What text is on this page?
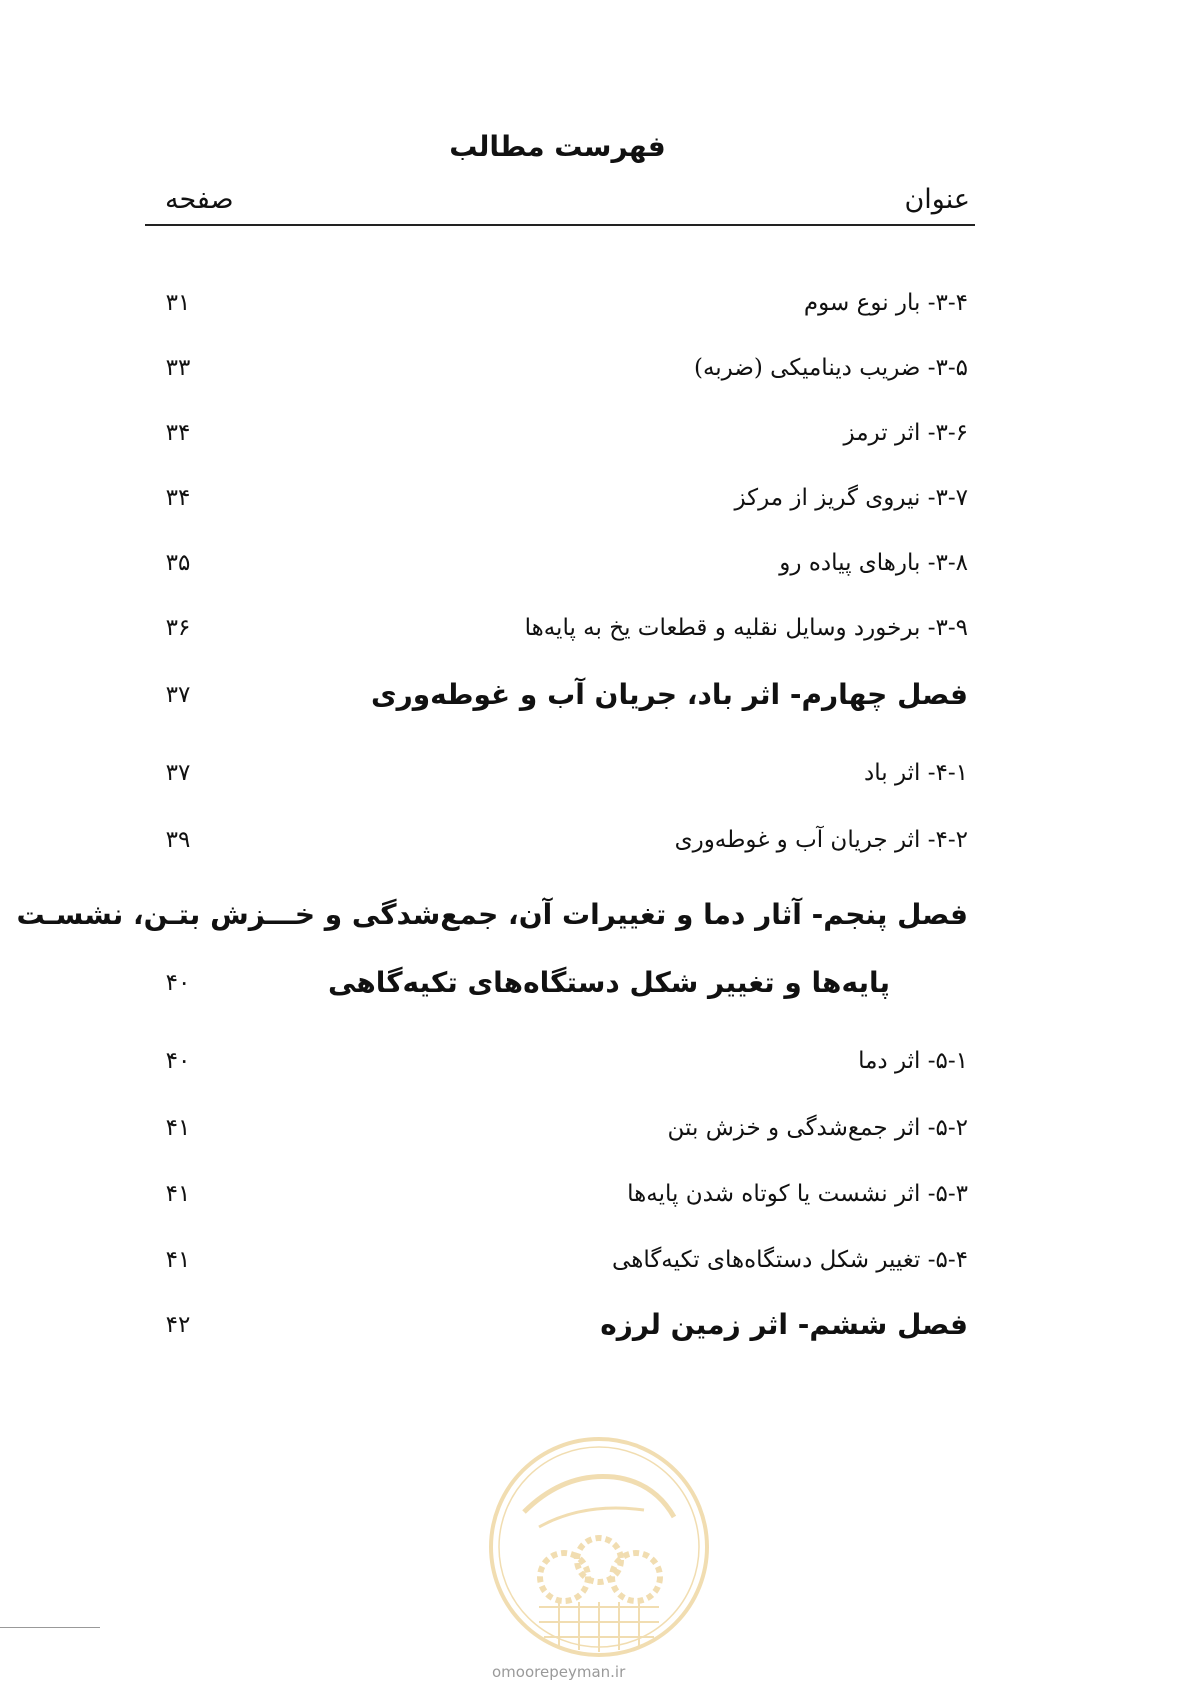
فهرست مطالب
عنوان
صفحه
۳-۴- بار نوع سوم
۳۱
۳-۵- ضریب دینامیکی (ضربه)
۳۳
۳-۶- اثر ترمز
۳۴
۳-۷- نیروی گریز از مرکز
۳۴
۳-۸- بارهای پیاده رو
۳۵
۳-۹- برخورد وسایل نقلیه و قطعات یخ به پایه‌ها
۳۶
فصل چهارم- اثر باد، جریان آب و غوطه‌وری
۳۷
۴-۱- اثر باد
۳۷
۴-۲- اثر جریان آب و غوطه‌وری
۳۹
فصل پنجم- آثار دما و تغییرات آن، جمع‌شدگی و خـــزش بتـن، نشسـت
پایه‌ها و تغییر شکل دستگاه‌های تکیه‌گاهی
۴۰
۵-۱- اثر دما
۴۰
۵-۲- اثر جمع‌شدگی و خزش بتن
۴۱
۵-۳- اثر نشست یا کوتاه شدن پایه‌ها
۴۱
۵-۴- تغییر شکل دستگاه‌های تکیه‌گاهی
۴۱
فصل ششم- اثر زمین لرزه
۴۲
omoorepeyman.ir
